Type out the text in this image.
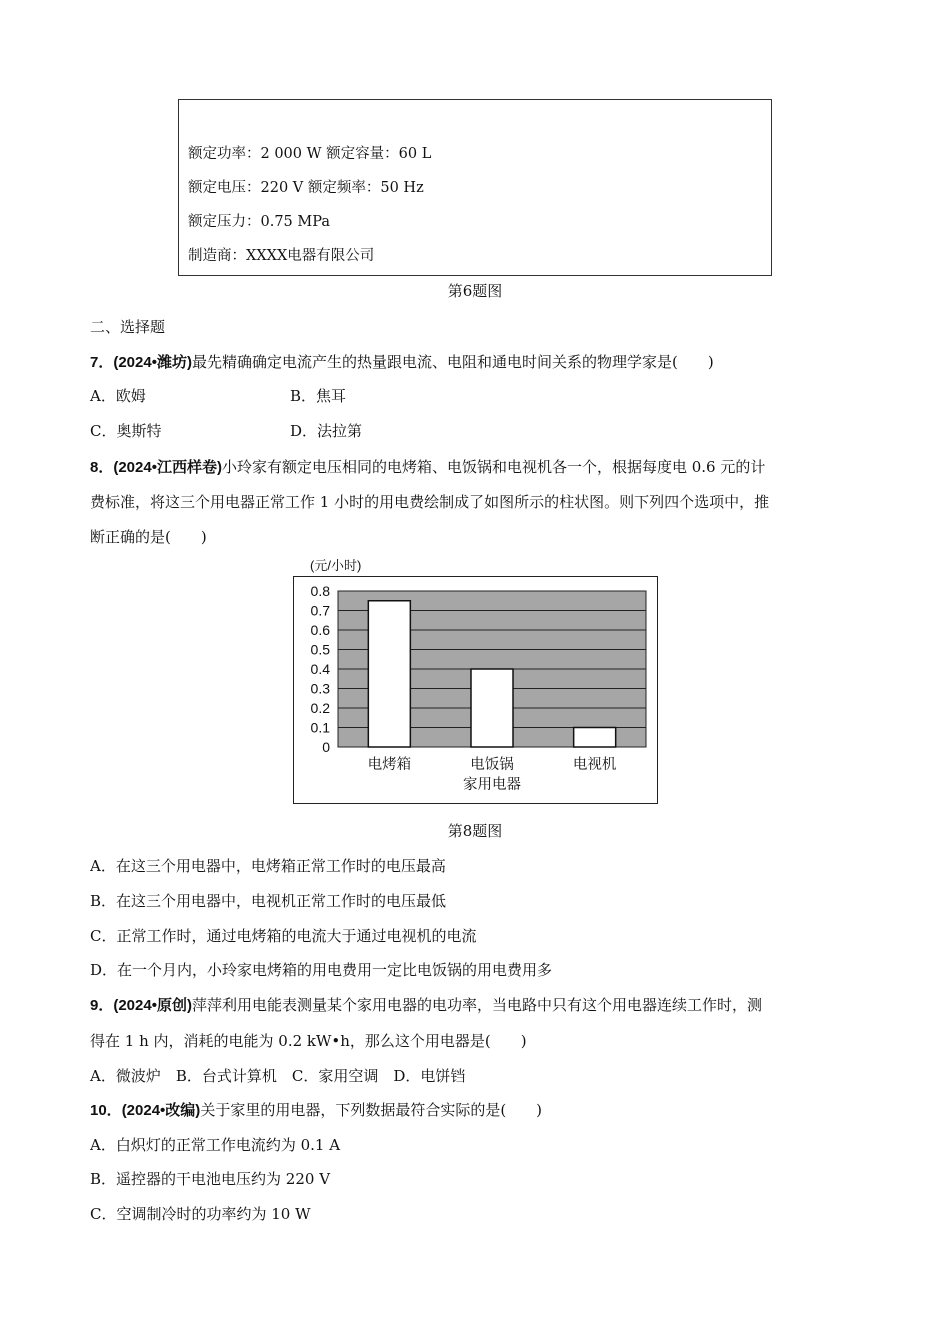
额定功率：2 000 W 额定容量：60 L
额定电压：220 V 额定频率：50 Hz
额定压力：0.75 MPa
制造商：XXXX电器有限公司
第6题图
二、选择题
7．(2024•潍坊)最先精确确定电流产生的热量跟电流、电阻和通电时间关系的物理学家是(　　)
A．欧姆	B．焦耳
C．奥斯特	D．法拉第
8．(2024•江西样卷)小玲家有额定电压相同的电烤箱、电饭锅和电视机各一个，根据每度电 0.6 元的计
费标准，将这三个用电器正常工作 1 小时的用电费绘制成了如图所示的柱状图。则下列四个选项中，推
断正确的是(　　)
(元/小时)
0
0.1
0.2
0.3
0.4
0.5
0.6
0.7
0.8
电烤箱	电饭锅	电视机
家用电器
第8题图
A．在这三个用电器中，电烤箱正常工作时的电压最高
B．在这三个用电器中，电视机正常工作时的电压最低
C．正常工作时，通过电烤箱的电流大于通过电视机的电流
D．在一个月内，小玲家电烤箱的用电费用一定比电饭锅的用电费用多
9．(2024•原创)萍萍利用电能表测量某个家用电器的电功率，当电路中只有这个用电器连续工作时，测
得在 1 h 内，消耗的电能为 0.2 kW•h，那么这个用电器是(　　)
A．微波炉　B．台式计算机　C．家用空调　D．电饼铛
10．(2024•改编)关于家里的用电器，下列数据最符合实际的是(　　)
A．白炽灯的正常工作电流约为 0.1 A
B．遥控器的干电池电压约为 220 V
C．空调制冷时的功率约为 10 W
